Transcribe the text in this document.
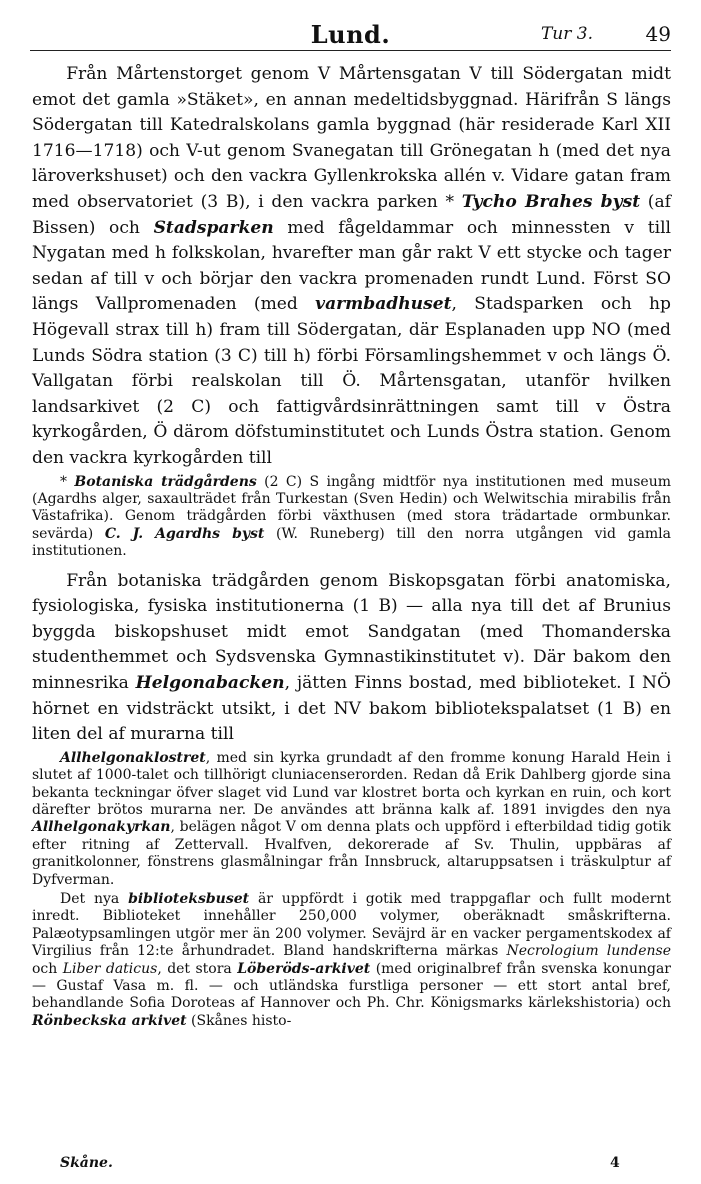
Lund.	Tur 3.	49

Från Mårtenstorget genom V Mårtensgatan V till Södergatan midt emot det gamla »Stäket», en annan medeltidsbyggnad. Härifrån S längs Södergatan till Katedralskolans gamla byggnad (här residerade Karl XII 1716—1718) och V-ut genom Svanegatan till Grönegatan h (med det nya läroverkshuset) och den vackra Gyllenkrokska allén v. Vidare gatan fram med observatoriet (3 B), i den vackra parken * Tycho Brahes byst (af Bissen) och Stadsparken med fågeldammar och minnessten v till Nygatan med h folkskolan, hvarefter man går rakt V ett stycke och tager sedan af till v och börjar den vackra promenaden rundt Lund. Först SO längs Vallpromenaden (med varmbadhuset, Stadsparken och hp Högevall strax till h) fram till Södergatan, där Esplanaden upp NO (med Lunds Södra station (3 C) till h) förbi Församlingshemmet v och längs Ö. Vallgatan förbi realskolan till Ö. Mårtensgatan, utanför hvilken landsarkivet (2 C) och fattigvårdsinrättningen samt till v Östra kyrkogården, Ö därom döfstuminstitutet och Lunds Östra station. Genom den vackra kyrkogården till

* Botaniska trädgårdens (2 C) S ingång midtför nya institutionen med museum (Agardhs alger, saxaulträdet från Turkestan (Sven Hedin) och Welwitschia mirabilis från Västafrika). Genom trädgården förbi växthusen (med stora trädartade ormbunkar. sevärda) C. J. Agardhs byst (W. Runeberg) till den norra utgången vid gamla institutionen.

Från botaniska trädgården genom Biskopsgatan förbi anatomiska, fysiologiska, fysiska institutionerna (1 B) — alla nya till det af Brunius byggda biskopshuset midt emot Sandgatan (med Thomanderska studenthemmet och Sydsvenska Gymnastikinstitutet v). Där bakom den minnesrika Helgonabacken, jätten Finns bostad, med biblioteket. I NÖ hörnet en vidsträckt utsikt, i det NV bakom bibliotekspalatset (1 B) en liten del af murarna till

Allhelgonaklostret, med sin kyrka grundadt af den fromme konung Harald Hein i slutet af 1000-talet och tillhörigt cluniacenserorden. Redan då Erik Dahlberg gjorde sina bekanta teckningar öfver slaget vid Lund var klostret borta och kyrkan en ruin, och kort därefter brötos murarna ner. De användes att bränna kalk af. 1891 invigdes den nya Allhelgonakyrkan, belägen något V om denna plats och uppförd i efterbildad tidig gotik efter ritning af Zettervall. Hvalfven, dekorerade af Sv. Thulin, uppbäras af granitkolonner, fönstrens glasmålningar från Innsbruck, altaruppsatsen i träskulptur af Dyfverman.

Det nya biblioteksbuset är uppfördt i gotik med trappgaflar och fullt modernt inredt. Biblioteket innehåller 250,000 volymer, oberäknadt småskrifterna. Palæotypsamlingen utgör mer än 200 volymer. Seväjrd är en vacker pergamentskodex af Virgilius från 12:te århundradet. Bland handskrifterna märkas Necrologium lundense och Liber daticus, det stora Löberöds-arkivet (med originalbref från svenska konungar — Gustaf Vasa m. fl. — och utländska furstliga personer — ett stort antal bref, behandlande Sofia Doroteas af Hannover och Ph. Chr. Königsmarks kärlekshistoria) och Rönbeckska arkivet (Skånes histo-

Skåne.	4
